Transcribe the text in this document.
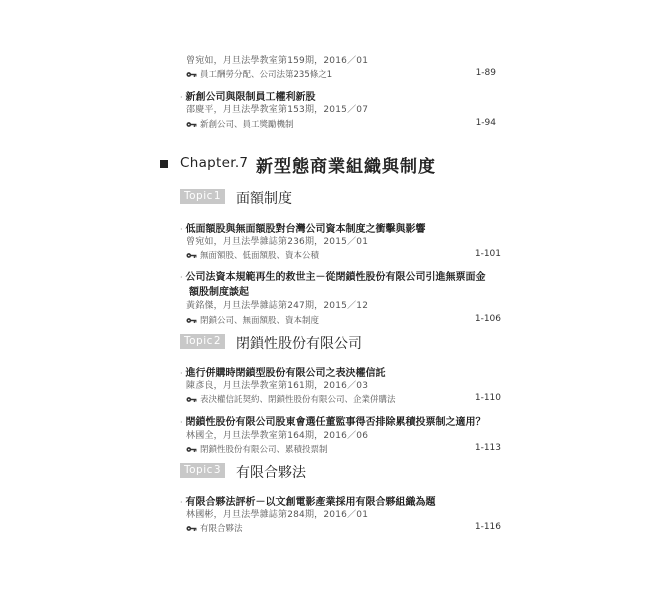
曾宛如，月旦法學教室第159期，2016／01
員工酬勞分配、公司法第235條之1	1-89
· 新創公司與限制員工權利新股
邵慶平，月旦法學教室第153期，2015／07
新創公司、員工獎勵機制	1-94
Chapter.7 新型態商業組織與制度
Topic1 面額制度
· 低面額股與無面額股對台灣公司資本制度之衝擊與影響
曾宛如，月旦法學雜誌第236期，2015／01
無面額股、低面額股、資本公積	1-101
· 公司法資本規範再生的救世主－從閉鎖性股份有限公司引進無票面金
額股制度談起
黃銘傑，月旦法學雜誌第247期，2015／12
閉鎖公司、無面額股、資本制度	1-106
Topic2 閉鎖性股份有限公司
· 進行併購時閉鎖型股份有限公司之表決權信託
陳彥良，月旦法學教室第161期，2016／03
表決權信託契約、閉鎖性股份有限公司、企業併購法	1-110
· 閉鎖性股份有限公司股東會選任董監事得否排除累積投票制之適用？
林國全，月旦法學教室第164期，2016／06
閉鎖性股份有限公司、累積投票制	1-113
Topic3 有限合夥法
· 有限合夥法評析－以文創電影產業採用有限合夥組織為題
林國彬，月旦法學雜誌第284期，2016／01
有限合夥法	1-116
